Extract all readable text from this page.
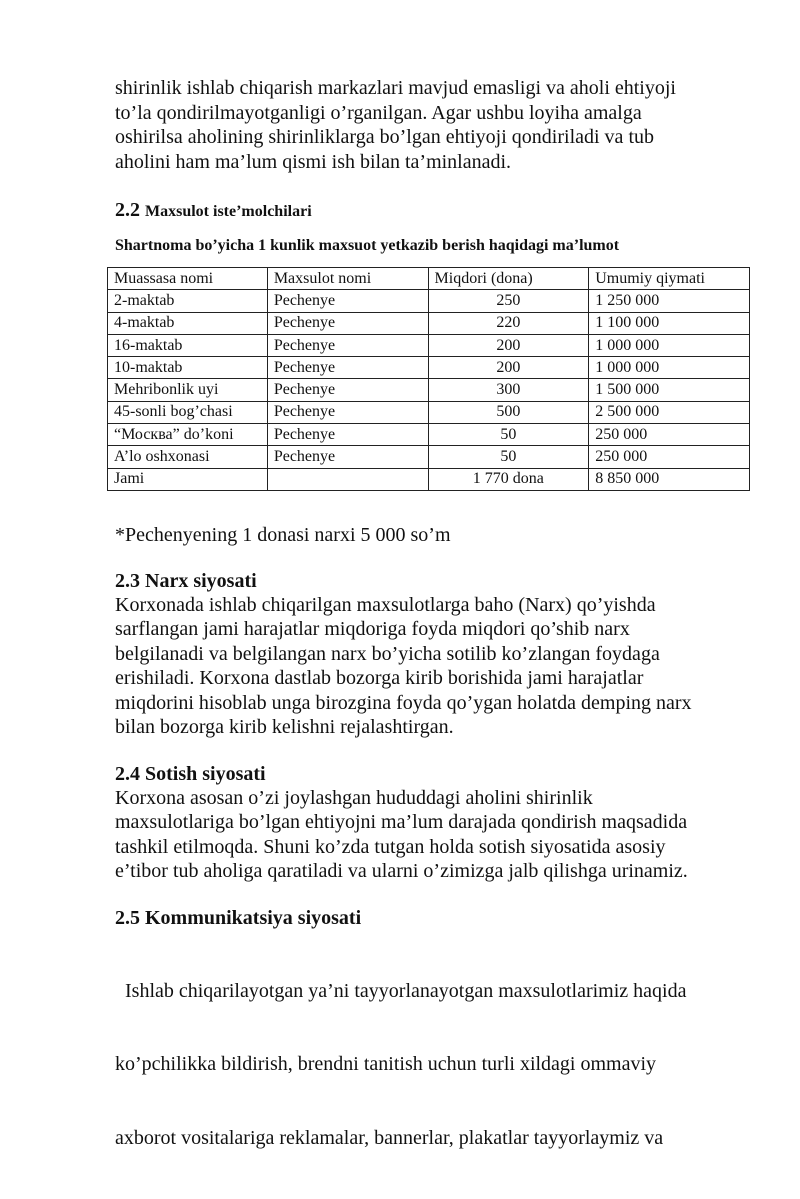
shirinlik ishlab chiqarish markazlari mavjud emasligi va aholi ehtiyoji
to’la qondirilmayotganligi o’rganilgan. Agar ushbu loyiha amalga
oshirilsa aholining shirinliklarga bo’lgan ehtiyoji qondiriladi va tub
aholini ham ma’lum qismi ish bilan ta’minlanadi.

2.2 Maxsulot iste’molchilari
Shartnoma bo’yicha 1 kunlik maxsuot yetkazib berish haqidagi ma’lumot
Muassasa nomi	Maxsulot nomi	Miqdori (dona)	Umumiy qiymati
2-maktab	Pechenye	250	1 250 000
4-maktab	Pechenye	220	1 100 000
16-maktab	Pechenye	200	1 000 000
10-maktab	Pechenye	200	1 000 000
Mehribonlik uyi	Pechenye	300	1 500 000
45-sonli bog’chasi	Pechenye	500	2 500 000
“Москва” do’koni	Pechenye	50	250 000
A’lo oshxonasi	Pechenye	50	250 000
Jami		1 770 dona	8 850 000
*Pechenyening 1 donasi narxi 5 000 so’m
2.3 Narx siyosati

Korxonada ishlab chiqarilgan maxsulotlarga baho (Narx) qo’yishda
sarflangan jami harajatlar miqdoriga foyda miqdori qo’shib narx
belgilanadi va belgilangan narx bo’yicha sotilib ko’zlangan foydaga
erishiladi. Korxona dastlab bozorga kirib borishida jami harajatlar
miqdorini hisoblab unga birozgina foyda qo’ygan holatda demping narx
bilan bozorga kirib kelishni rejalashtirgan.

2.4 Sotish siyosati

Korxona asosan o’zi joylashgan hududdagi aholini shirinlik
maxsulotlariga bo’lgan ehtiyojni ma’lum darajada qondirish maqsadida
tashkil etilmoqda. Shuni ko’zda tutgan holda sotish siyosatida asosiy
e’tibor tub aholiga qaratiladi va ularni o’zimizga jalb qilishga urinamiz.

2.5 Kommunikatsiya siyosati

Ishlab chiqarilayotgan ya’ni tayyorlanayotgan maxsulotlarimiz haqida

ko’pchilikka bildirish, brendni tanitish uchun turli xildagi ommaviy

axborot vositalariga reklamalar, bannerlar, plakatlar tayyorlaymiz va
